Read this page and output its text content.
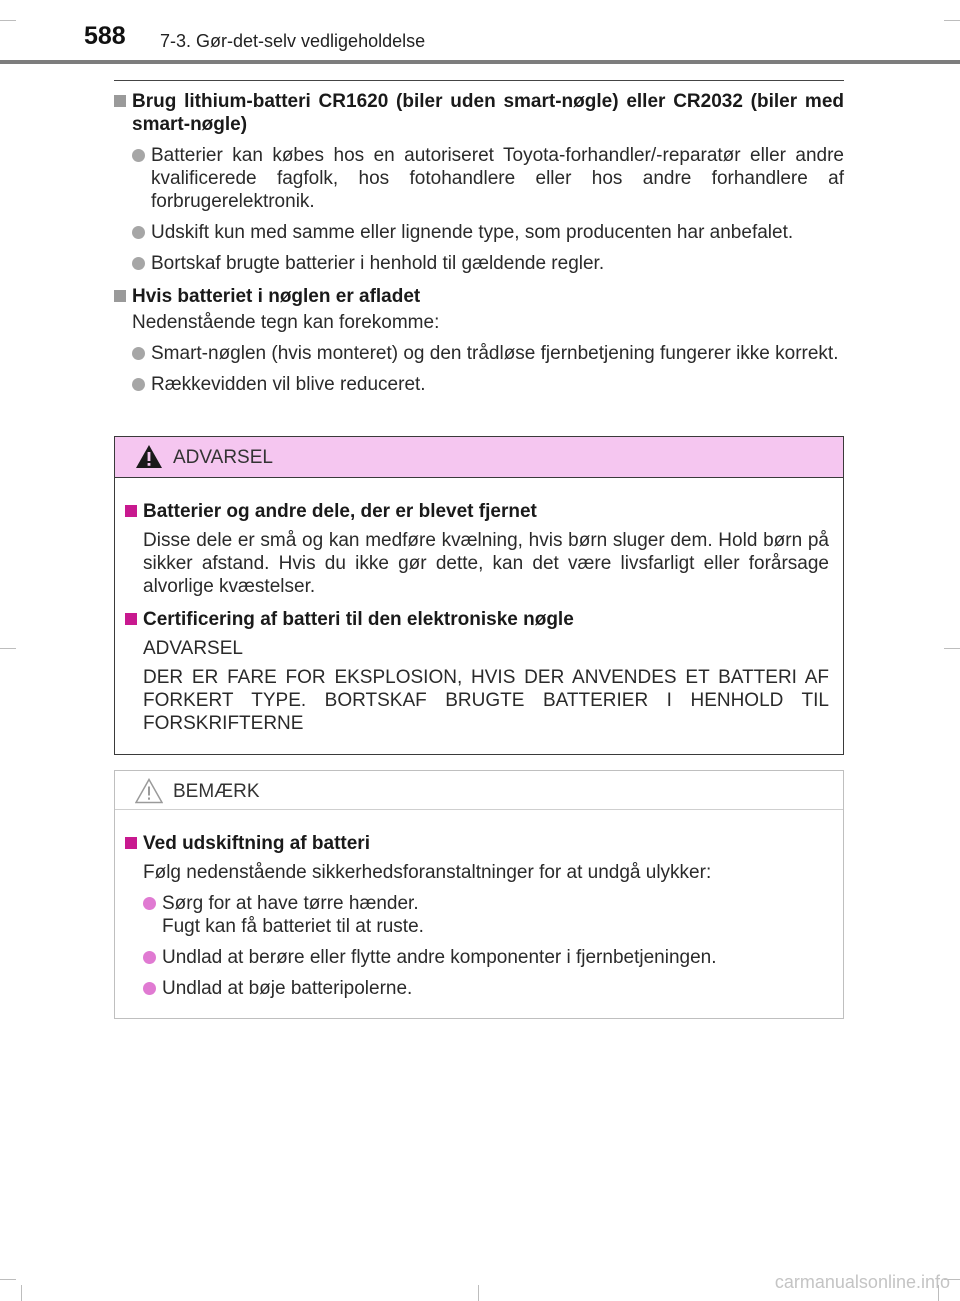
588 7-3. Gør-det-selv vedligeholdelse

Brug lithium-batteri CR1620 (biler uden smart-nøgle) eller CR2032 (biler med smart-nøgle)

Batterier kan købes hos en autoriseret Toyota-forhandler/-reparatør eller andre kvalificerede fagfolk, hos fotohandlere eller hos andre forhandlere af forbrugerelektronik.
Udskift kun med samme eller lignende type, som producenten har anbefalet.
Bortskaf brugte batterier i henhold til gældende regler.

Hvis batteriet i nøglen er afladet

Nedenstående tegn kan forekomme:
Smart-nøglen (hvis monteret) og den trådløse fjernbetjening fungerer ikke korrekt.
Rækkevidden vil blive reduceret.
ADVARSEL

Batterier og andre dele, der er blevet fjernet

Disse dele er små og kan medføre kvælning, hvis børn sluger dem. Hold børn på sikker afstand. Hvis du ikke gør dette, kan det være livsfarligt eller forårsage alvorlige kvæstelser.

Certificering af batteri til den elektroniske nøgle

ADVARSEL
DER ER FARE FOR EKSPLOSION, HVIS DER ANVENDES ET BATTERI AF FORKERT TYPE. BORTSKAF BRUGTE BATTERIER I HENHOLD TIL FORSKRIFTERNE
BEMÆRK

Ved udskiftning af batteri

Følg nedenstående sikkerhedsforanstaltninger for at undgå ulykker:
Sørg for at have tørre hænder.
Fugt kan få batteriet til at ruste.
Undlad at berøre eller flytte andre komponenter i fjernbetjeningen.
Undlad at bøje batteripolerne.
carmanualsonline.info
